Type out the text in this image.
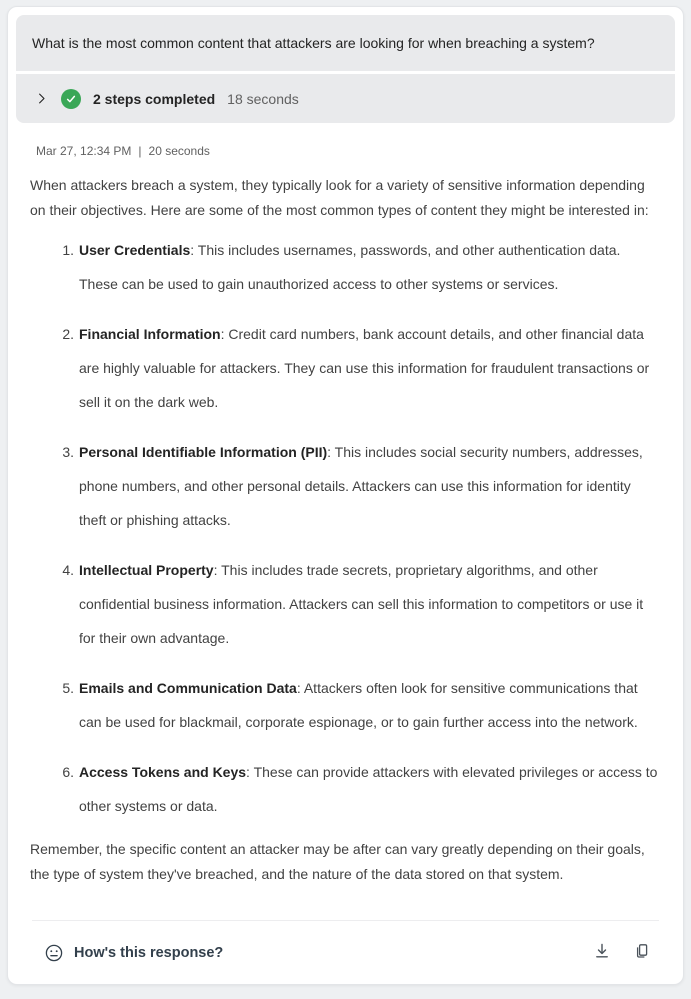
What is the most common content that attackers are looking for when breaching a system?
2 steps completed 18 seconds
Mar 27, 12:34 PM | 20 seconds

When attackers breach a system, they typically look for a variety of sensitive information depending on their objectives. Here are some of the most common types of content they might be interested in:

1. User Credentials: This includes usernames, passwords, and other authentication data. These can be used to gain unauthorized access to other systems or services.
2. Financial Information: Credit card numbers, bank account details, and other financial data are highly valuable for attackers. They can use this information for fraudulent transactions or sell it on the dark web.
3. Personal Identifiable Information (PII): This includes social security numbers, addresses, phone numbers, and other personal details. Attackers can use this information for identity theft or phishing attacks.
4. Intellectual Property: This includes trade secrets, proprietary algorithms, and other confidential business information. Attackers can sell this information to competitors or use it for their own advantage.
5. Emails and Communication Data: Attackers often look for sensitive communications that can be used for blackmail, corporate espionage, or to gain further access into the network.
6. Access Tokens and Keys: These can provide attackers with elevated privileges or access to other systems or data.

Remember, the specific content an attacker may be after can vary greatly depending on their goals, the type of system they've breached, and the nature of the data stored on that system.

How's this response?
